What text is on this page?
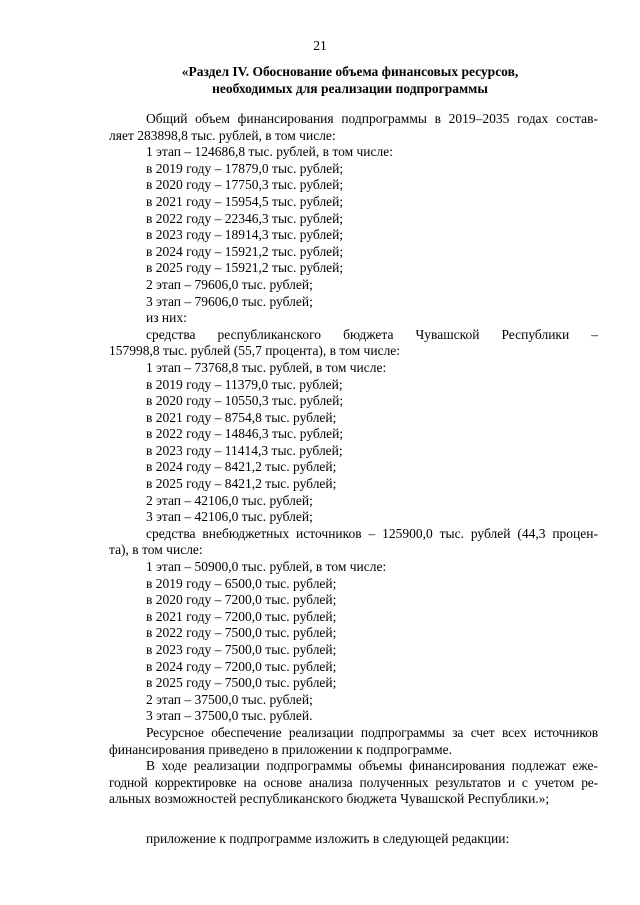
21
«Раздел IV. Обоснование объема финансовых ресурсов,
необходимых для реализации подпрограммы
Общий объем финансирования подпрограммы в 2019–2035 годах состав-
ляет 283898,8 тыс. рублей, в том числе:
1 этап – 124686,8 тыс. рублей, в том числе:
в 2019 году – 17879,0 тыс. рублей;
в 2020 году – 17750,3 тыс. рублей;
в 2021 году – 15954,5 тыс. рублей;
в 2022 году – 22346,3 тыс. рублей;
в 2023 году – 18914,3 тыс. рублей;
в 2024 году – 15921,2 тыс. рублей;
в 2025 году – 15921,2 тыс. рублей;
2 этап – 79606,0 тыс. рублей;
3 этап – 79606,0 тыс. рублей;
из них:
средства республиканского бюджета Чувашской Республики –
157998,8 тыс. рублей (55,7 процента), в том числе:
1 этап – 73768,8 тыс. рублей, в том числе:
в 2019 году – 11379,0 тыс. рублей;
в 2020 году – 10550,3 тыс. рублей;
в 2021 году – 8754,8 тыс. рублей;
в 2022 году – 14846,3 тыс. рублей;
в 2023 году – 11414,3 тыс. рублей;
в 2024 году – 8421,2 тыс. рублей;
в 2025 году – 8421,2 тыс. рублей;
2 этап – 42106,0 тыс. рублей;
3 этап – 42106,0 тыс. рублей;
средства внебюджетных источников – 125900,0 тыс. рублей (44,3 процен-
та), в том числе:
1 этап – 50900,0 тыс. рублей, в том числе:
в 2019 году – 6500,0 тыс. рублей;
в 2020 году – 7200,0 тыс. рублей;
в 2021 году – 7200,0 тыс. рублей;
в 2022 году – 7500,0 тыс. рублей;
в 2023 году – 7500,0 тыс. рублей;
в 2024 году – 7200,0 тыс. рублей;
в 2025 году – 7500,0 тыс. рублей;
2 этап – 37500,0 тыс. рублей;
3 этап – 37500,0 тыс. рублей.
Ресурсное обеспечение реализации подпрограммы за счет всех источников
финансирования приведено в приложении к подпрограмме.
В ходе реализации подпрограммы объемы финансирования подлежат еже-
годной корректировке на основе анализа полученных результатов и с учетом ре-
альных возможностей республиканского бюджета Чувашской Республики.»;
приложение к подпрограмме изложить в следующей редакции:
